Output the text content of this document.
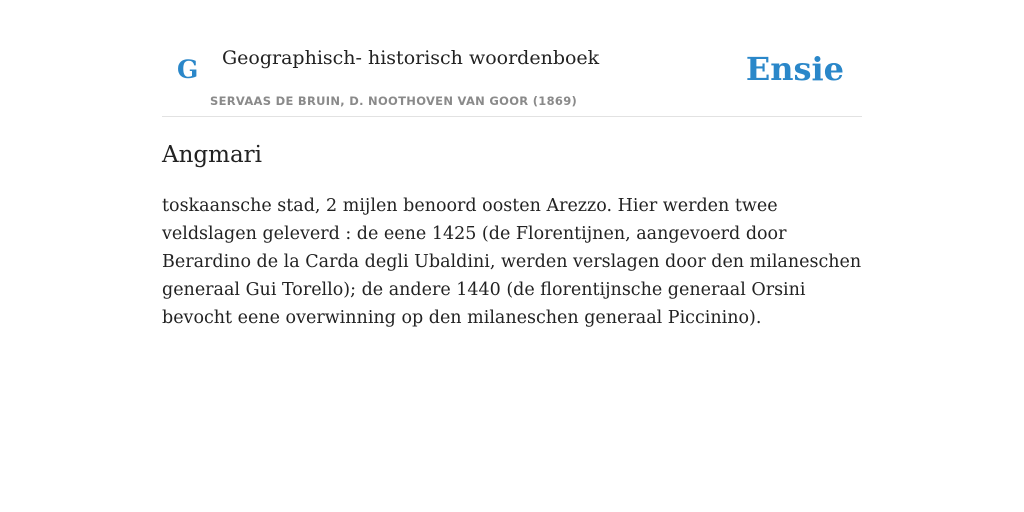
G Geographisch- historisch woordenboek
SERVAAS DE BRUIN, D. NOOTHOVEN VAN GOOR (1869)
Ensie
Angmari

toskaansche stad, 2 mijlen benoord oosten Arezzo. Hier werden twee veldslagen geleverd : de eene 1425 (de Florentijnen, aangevoerd door Berardino de la Carda degli Ubaldini, werden verslagen door den milaneschen generaal Gui Torello); de andere 1440 (de florentijnsche generaal Orsini bevocht eene overwinning op den milaneschen generaal Piccinino).
